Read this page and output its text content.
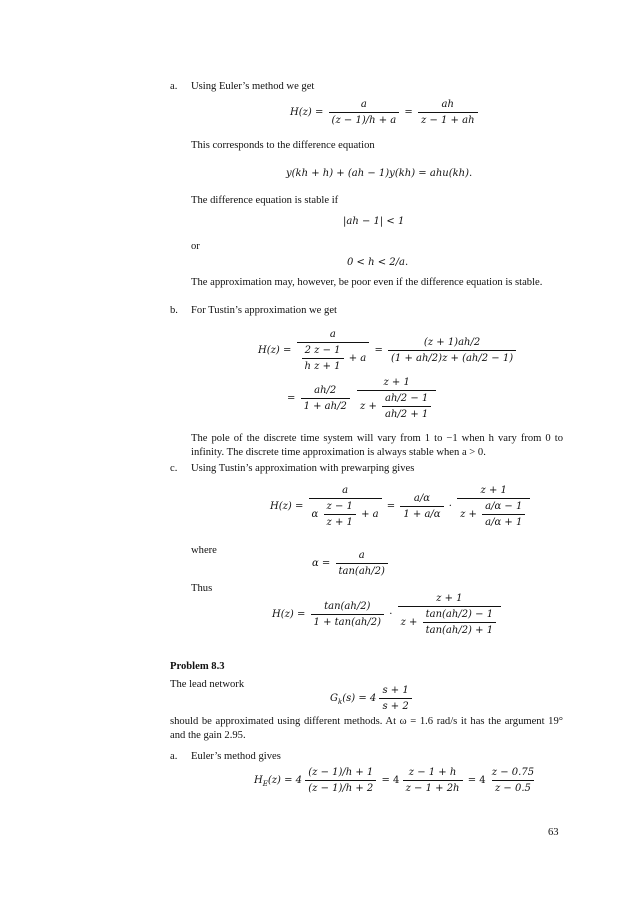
a. Using Euler’s method we get
$H(z) = \frac{a}{(z - 1)/h + a} = \frac{ah}{z - 1 + ah}$
This corresponds to the difference equation
y(kh + h) + (ah − 1)y(kh) = ahu(kh).
The difference equation is stable if
|ah − 1| < 1
or
0 < h < 2/a.
The approximation may, however, be poor even if the difference equation is stable.
b. For Tustin’s approximation we get
$H(z) = \frac{a}{\frac{2 z - 1}{\text{h z + 1}} + a} = \frac{(z + 1)ah/2}{(1 + ah/2)z + (ah/2 - 1)}$
= $\frac{ah/2}{1 + ah/2}$
$\frac{z + 1}{z + \frac{ah/2 - 1}{ah/2 + 1}}$
The pole of the discrete time system will vary from 1 to −1 when h vary from 0 to infinity. The discrete time approximation is always stable when a > 0.
c. Using Tustin’s approximation with prewarping gives
$H(z) = \frac{a}{\alpha \frac{z - 1}{z + 1} + a} = \frac{a/\alpha}{1 + a/\alpha} \cdot \frac{z + 1}{z + \frac{a/\alpha - 1}{a/\alpha + 1}}$
where
$\alpha = \frac{a}{\tan(ah/2)}$
Thus
$H(z) = \frac{\tan(ah/2)}{1 + \tan(ah/2)} \cdot \frac{z + 1}{z + \frac{\tan(ah/2) - 1}{\tan(ah/2) + 1}}$
Problem 8.3
The lead network
$G_k(s) = 4 \frac{s + 1}{s + 2}$
should be approximated using different methods. At ω = 1.6 rad/s it has the argument 19° and the gain 2.95.
a. Euler’s method gives
$H_E(z) = 4 \frac{(z - 1)/h + 1}{(z - 1)/h + 2} = 4 \frac{z - 1 + h}{z - 1 + 2h} = 4 \frac{z - 0.75}{z - 0.5}$
63
